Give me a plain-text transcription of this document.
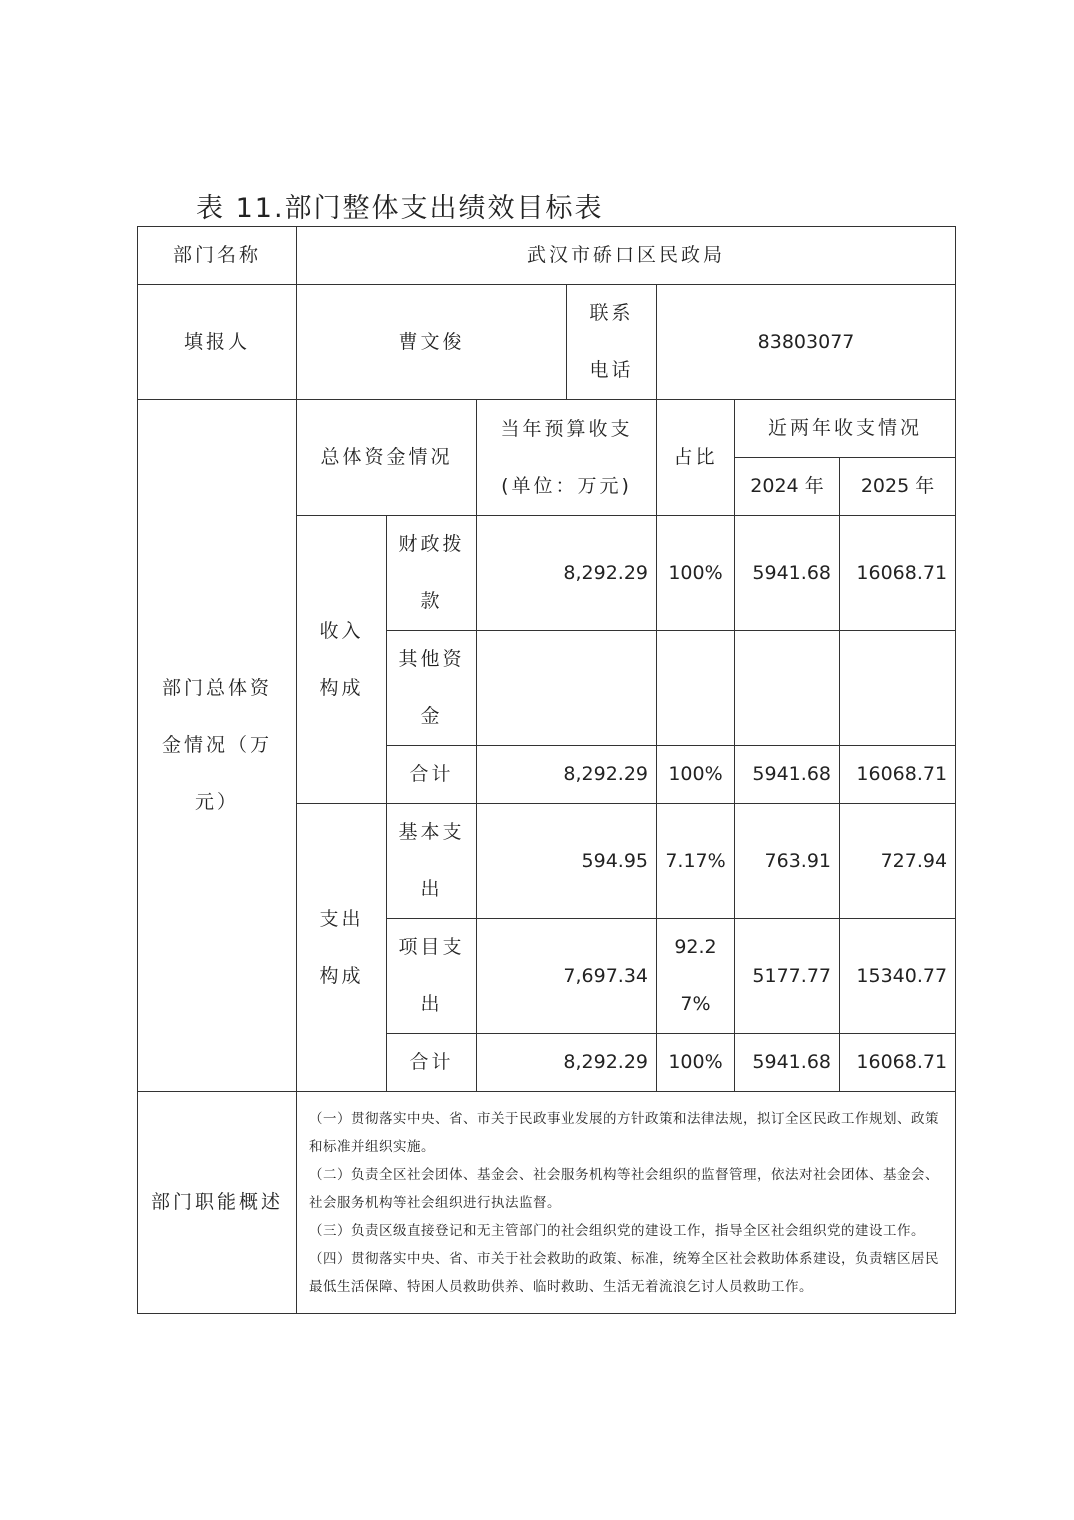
表 11.部门整体支出绩效目标表
部门名称	武汉市硚口区民政局						
填报人	曹文俊			联系电话	83803077		
部门总体资金情况（万元）	总体资金情况		当年预算收支(单位：万元)		占比	近两年收支情况	
						2024 年	2025 年
	收入构成	财政拨款	8,292.29		100%	5941.68	16068.71
		其他资金					
		合计	8,292.29		100%	5941.68	16068.71
	支出构成	基本支出	594.95		7.17%	763.91	727.94
		项目支出	7,697.34		92.27%	5177.77	15340.77
		合计	8,292.29		100%	5941.68	16068.71
部门职能概述	（一）贯彻落实中央、省、市关于民政事业发展的方针政策和法律法规，拟订全区民政工作规划、政策和标准并组织实施。

（二）负责全区社会团体、基金会、社会服务机构等社会组织的监督管理，依法对社会团体、基金会、社会服务机构等社会组织进行执法监督。

（三）负责区级直接登记和无主管部门的社会组织党的建设工作，指导全区社会组织党的建设工作。

（四）贯彻落实中央、省、市关于社会救助的政策、标准，统筹全区社会救助体系建设，负责辖区居民最低生活保障、特困人员救助供养、临时救助、生活无着流浪乞讨人员救助工作。						
